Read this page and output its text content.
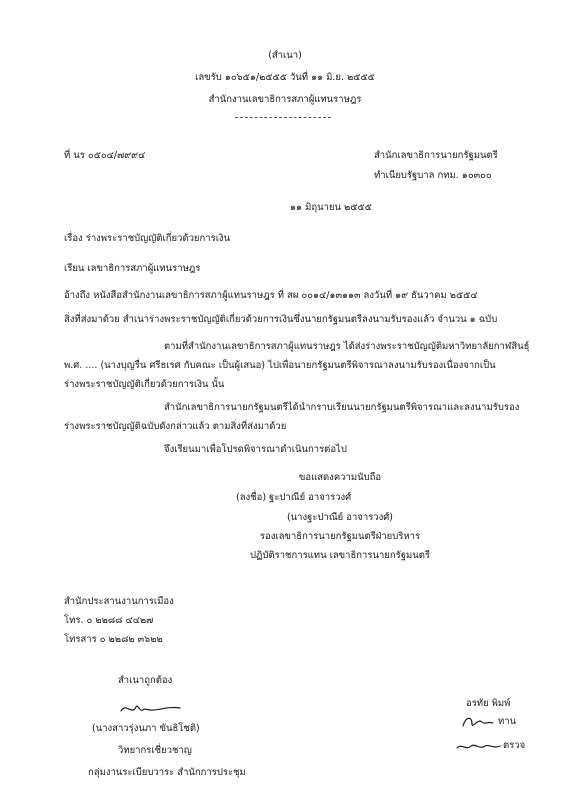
(สำเนา)
เลขรับ ๑๐๖๕๑/๒๕๕๕ วันที่ ๑๑ มิ.ย. ๒๕๕๕
สำนักงานเลขาธิการสภาผู้แทนราษฎร
ที่ นร ๐๕๐๔/๗๙๙๔	สำนักเลขาธิการนายกรัฐมนตรี
ทำเนียบรัฐบาล กทม. ๑๐๓๐๐
๑๑ มิถุนายน ๒๕๕๕
เรื่อง ร่างพระราชบัญญัติเกี่ยวด้วยการเงิน
เรียน เลขาธิการสภาผู้แทนราษฎร
อ้างถึง หนังสือสำนักงานเลขาธิการสภาผู้แทนราษฎร ที่ สผ ๐๐๑๔/๑๓๑๑๓ ลงวันที่ ๑๙ ธันวาคม ๒๕๕๔
สิ่งที่ส่งมาด้วย สำเนาร่างพระราชบัญญัติเกี่ยวด้วยการเงินซึ่งนายกรัฐมนตรีลงนามรับรองแล้ว จำนวน ๑ ฉบับ
ตามที่สำนักงานเลขาธิการสภาผู้แทนราษฎร ได้ส่งร่างพระราชบัญญัติมหาวิทยาลัยกาฬสินธุ์
พ.ศ. .... (นางบุญรื่น ศรีธเรศ กับคณะ เป็นผู้เสนอ) ไปเพื่อนายกรัฐมนตรีพิจารณาลงนามรับรองเนื่องจากเป็น
ร่างพระราชบัญญัติเกี่ยวด้วยการเงิน นั้น
สำนักเลขาธิการนายกรัฐมนตรีได้นำกราบเรียนนายกรัฐมนตรีพิจารณาและลงนามรับรอง
ร่างพระราชบัญญัติฉบับดังกล่าวแล้ว ตามสิ่งที่ส่งมาด้วย
จึงเรียนมาเพื่อโปรดพิจารณาดำเนินการต่อไป
ขอแสดงความนับถือ
(ลงชื่อ) ฐะปาณีย์ อาจารวงศ์
(นางฐะปาณีย์ อาจารวงศ์)
รองเลขาธิการนายกรัฐมนตรีฝ่ายบริหาร
ปฏิบัติราชการแทน เลขาธิการนายกรัฐมนตรี
สำนักประสานงานการเมือง
โทร. ๐ ๒๒๘๘ ๔๔๒๗
โทรสาร ๐ ๒๒๘๒ ๓๖๒๒
สำเนาถูกต้อง
(นางสาวรุ่งนภา ขันธิโชติ)
วิทยากรเชี่ยวชาญ
กลุ่มงานระเบียบวาระ สำนักการประชุม
อรทัย พิมพ์
ทาน
ตรวจ
